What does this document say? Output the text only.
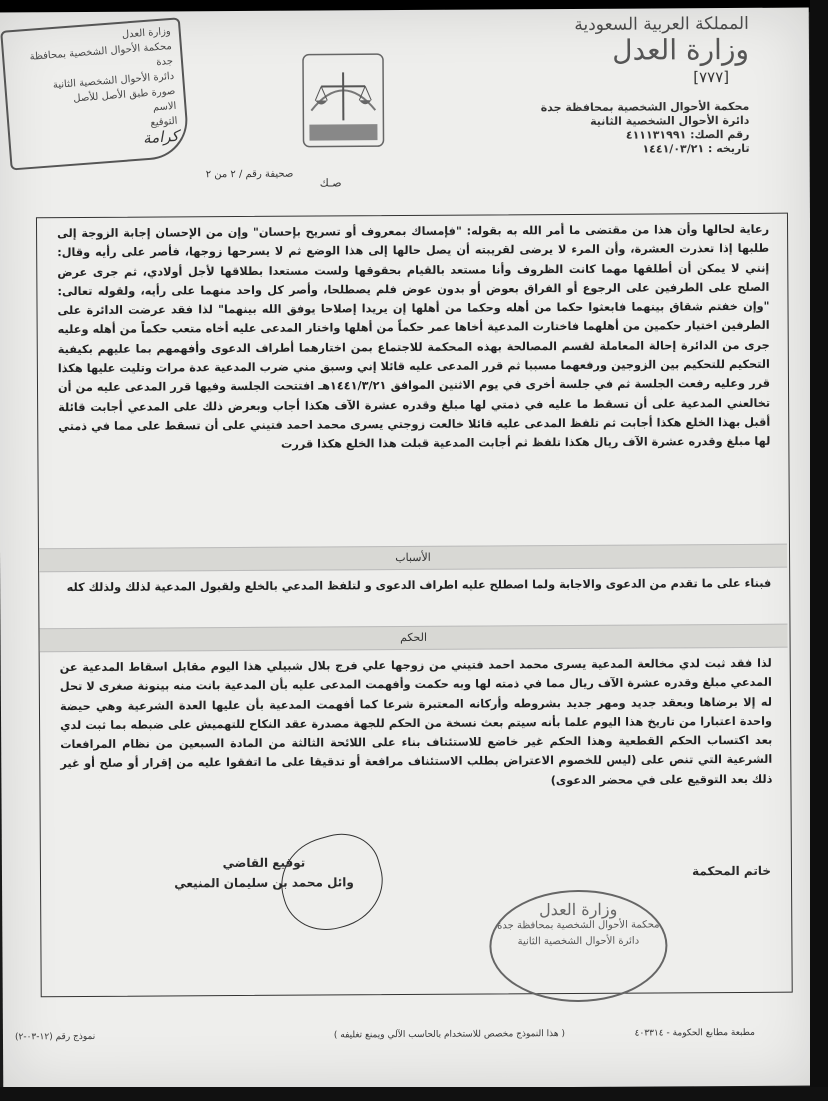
وزارة العدل
محكمة الأحوال الشخصية بمحافظة جدة
دائرة الأحوال الشخصية الثانية
صورة طبق الأصل للأصل
الاسم
التوقيع
كرامة
المملكة العربية السعودية
وزارة العدل
[٧٧٧]
محكمة الأحوال الشخصية بمحافظة جدة
دائرة الأحوال الشخصية الثانية
رقم الصك: ٤١١١٣١٩٩١
تاريخه : ١٤٤١/٠٣/٢١
صحيفة رقم / ٢ من ٢
صـك
رعاية لحالها وأن هذا من مقتضى ما أمر الله به بقوله: "فإمساك بمعروف أو تسريح بإحسان" وإن من الإحسان إجابة الزوجة إلى طلبها إذا تعذرت العشرة، وأن المرء لا يرضى لقريبته أن يصل حالها إلى هذا الوضع ثم لا يسرحها زوجها، فأصر على رأيه وقال: إنني لا يمكن أن أطلقها مهما كانت الظروف وأنا مستعد بالقيام بحقوقها ولست مستعدا بطلاقها لأجل أولادي، ثم جرى عرض الصلح على الطرفين على الرجوع أو الفراق بعوض أو بدون عوض فلم يصطلحا، وأصر كل واحد منهما على رأيه، ولقوله تعالى: "وإن خفتم شقاق بينهما فابعثوا حكما من أهله وحكما من أهلها إن يريدا إصلاحا يوفق الله بينهما" لذا فقد عرضت الدائرة على الطرفين اختيار حكمين من أهلهما فاختارت المدعية أخاها عمر حكماً من أهلها واختار المدعى عليه أخاه متعب حكماً من أهله وعليه جرى من الدائرة إحالة المعاملة لقسم المصالحة بهذه المحكمة للاجتماع بمن اختارهما أطراف الدعوى وأفهمهم بما عليهم بكيفية التحكيم للتحكيم بين الزوجين ورفعهما مسببا ثم قرر المدعى عليه قائلا إني وسبق مني ضرب المدعية عدة مرات وتليت عليها هكذا قرر وعليه رفعت الجلسة ثم في جلسة أخرى في يوم الاثنين الموافق ١٤٤١/٣/٢١هـ افتتحت الجلسة وفيها قرر المدعى عليه من أن تخالعني المدعية على أن تسقط ما عليه في ذمتي لها مبلغ وقدره عشرة الآف هكذا أجاب وبعرض ذلك على المدعي أجابت قائلة أقبل بهذا الخلع هكذا أجابت ثم تلفظ المدعى عليه قائلا خالعت زوجتي يسرى محمد احمد فتيني على أن تسقط على مما في ذمتي لها مبلغ وقدره عشرة الآف ريال هكذا تلفظ ثم أجابت المدعية قبلت هذا الخلع هكذا قررت
الأسباب
فبناء على ما تقدم من الدعوى والاجابة ولما اصطلح عليه اطراف الدعوى و لتلفظ المدعي بالخلع ولقبول المدعية لذلك ولذلك كله
الحكم
لذا فقد ثبت لدي مخالعة المدعية يسرى محمد احمد فتيني من زوجها علي فرج بلال شبيلي هذا اليوم مقابل اسقاط المدعية عن المدعي مبلغ وقدره عشرة الآف ريال مما في ذمته لها وبه حكمت وأفهمت المدعى عليه بأن المدعية بانت منه بينونة صغرى لا تحل له إلا برضاها وبعقد جديد ومهر جديد بشروطه وأركانه المعتبرة شرعا كما أفهمت المدعية بأن عليها العدة الشرعية وهي حيضة واحدة اعتبارا من تاريخ هذا اليوم علما بأنه سيتم بعث نسخة من الحكم للجهة مصدرة عقد النكاح للتهميش على ضبطه بما ثبت لدي بعد اكتساب الحكم القطعية وهذا الحكم غير خاضع للاستئناف بناء على اللائحة الثالثة من المادة السبعين من نظام المرافعات الشرعية التي تنص على (ليس للخصوم الاعتراض بطلب الاستئناف مرافعة أو تدقيقا على ما اتفقوا عليه من إقرار أو صلح أو غير ذلك بعد التوقيع على في محضر الدعوى)
خاتم المحكمة
توقيع القاضي
وائل محمد بن سليمان المنيعي
وزارة العدل
محكمة الأحوال الشخصية بمحافظة جدة
دائرة الأحوال الشخصية الثانية
مطبعة مطابع الحكومة - ٤٠٣٣١٤
( هذا النموذج مخصص للاستخدام بالحاسب الآلي ويمنع تغليفه )
نموذج رقم (١٢-٠٣-٢)
